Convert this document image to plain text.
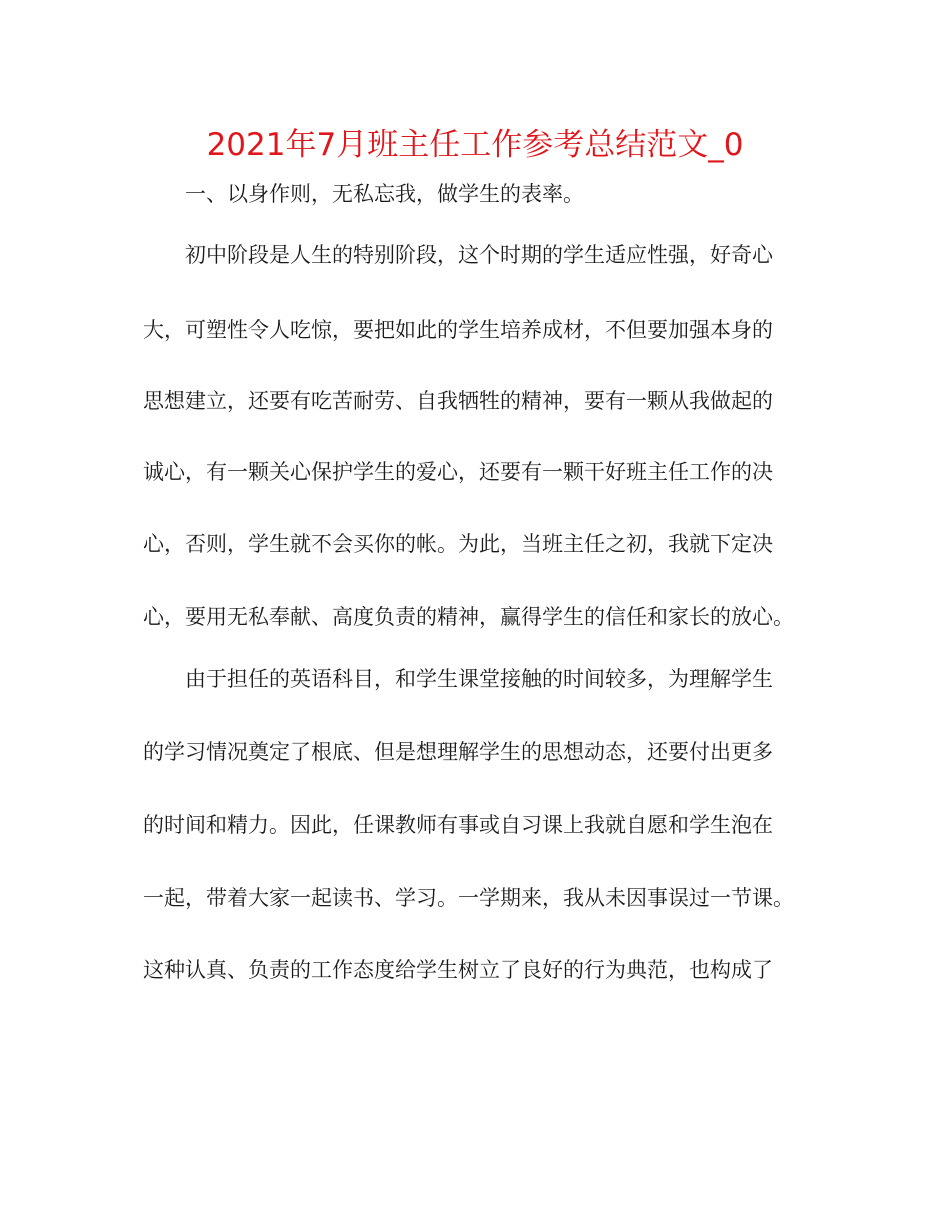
2021年7月班主任工作参考总结范文_0
一、以身作则，无私忘我，做学生的表率。
初中阶段是人生的特别阶段，这个时期的学生适应性强，好奇心
大，可塑性令人吃惊，要把如此的学生培养成材，不但要加强本身的
思想建立，还要有吃苦耐劳、自我牺牲的精神，要有一颗从我做起的
诚心，有一颗关心保护学生的爱心，还要有一颗干好班主任工作的决
心，否则，学生就不会买你的帐。为此，当班主任之初，我就下定决
心，要用无私奉献、高度负责的精神，赢得学生的信任和家长的放心。
由于担任的英语科目，和学生课堂接触的时间较多，为理解学生
的学习情况奠定了根底、但是想理解学生的思想动态，还要付出更多
的时间和精力。因此，任课教师有事或自习课上我就自愿和学生泡在
一起，带着大家一起读书、学习。一学期来，我从未因事误过一节课。
这种认真、负责的工作态度给学生树立了良好的行为典范，也构成了
